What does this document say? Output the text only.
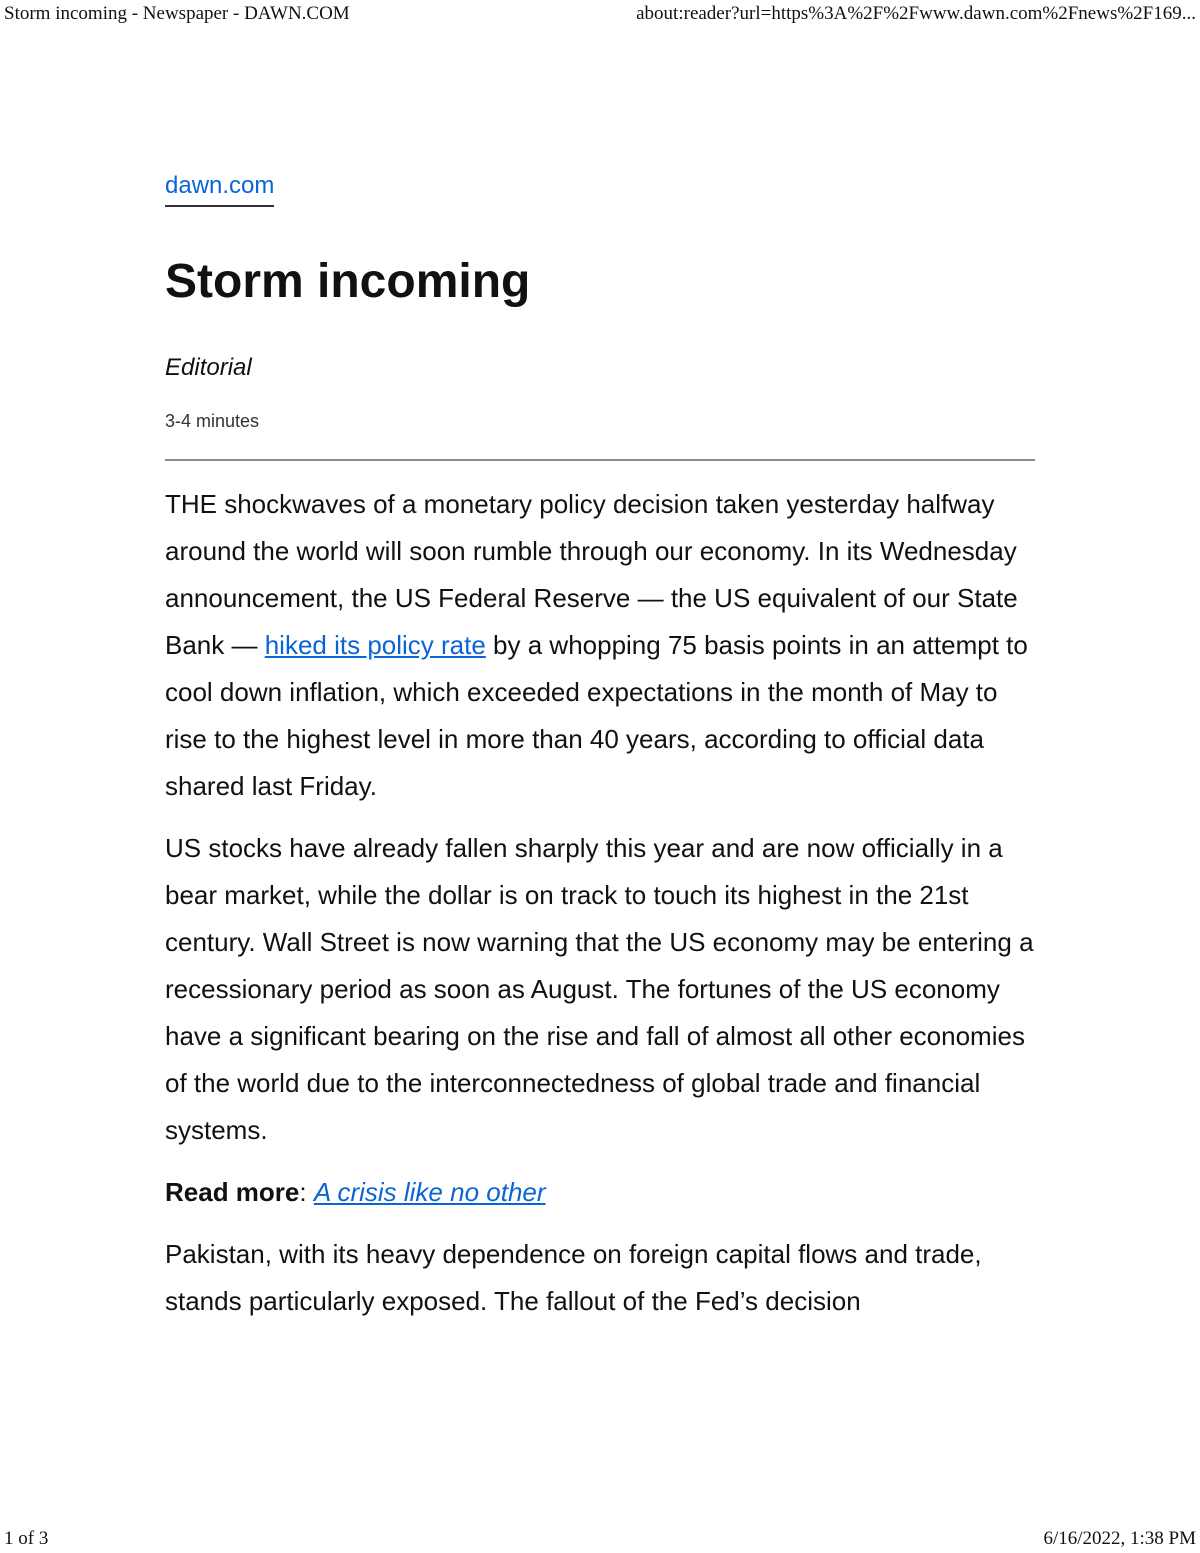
Storm incoming - Newspaper - DAWN.COM	about:reader?url=https%3A%2F%2Fwww.dawn.com%2Fnews%2F169...
dawn.com
Storm incoming
Editorial
3-4 minutes

THE shockwaves of a monetary policy decision taken yesterday halfway around the world will soon rumble through our economy. In its Wednesday announcement, the US Federal Reserve — the US equivalent of our State Bank — hiked its policy rate by a whopping 75 basis points in an attempt to cool down inflation, which exceeded expectations in the month of May to rise to the highest level in more than 40 years, according to official data shared last Friday.

US stocks have already fallen sharply this year and are now officially in a bear market, while the dollar is on track to touch its highest in the 21st century. Wall Street is now warning that the US economy may be entering a recessionary period as soon as August. The fortunes of the US economy have a significant bearing on the rise and fall of almost all other economies of the world due to the interconnectedness of global trade and financial systems.

Read more: A crisis like no other

Pakistan, with its heavy dependence on foreign capital flows and trade, stands particularly exposed. The fallout of the Fed’s decision

1 of 3	6/16/2022, 1:38 PM
